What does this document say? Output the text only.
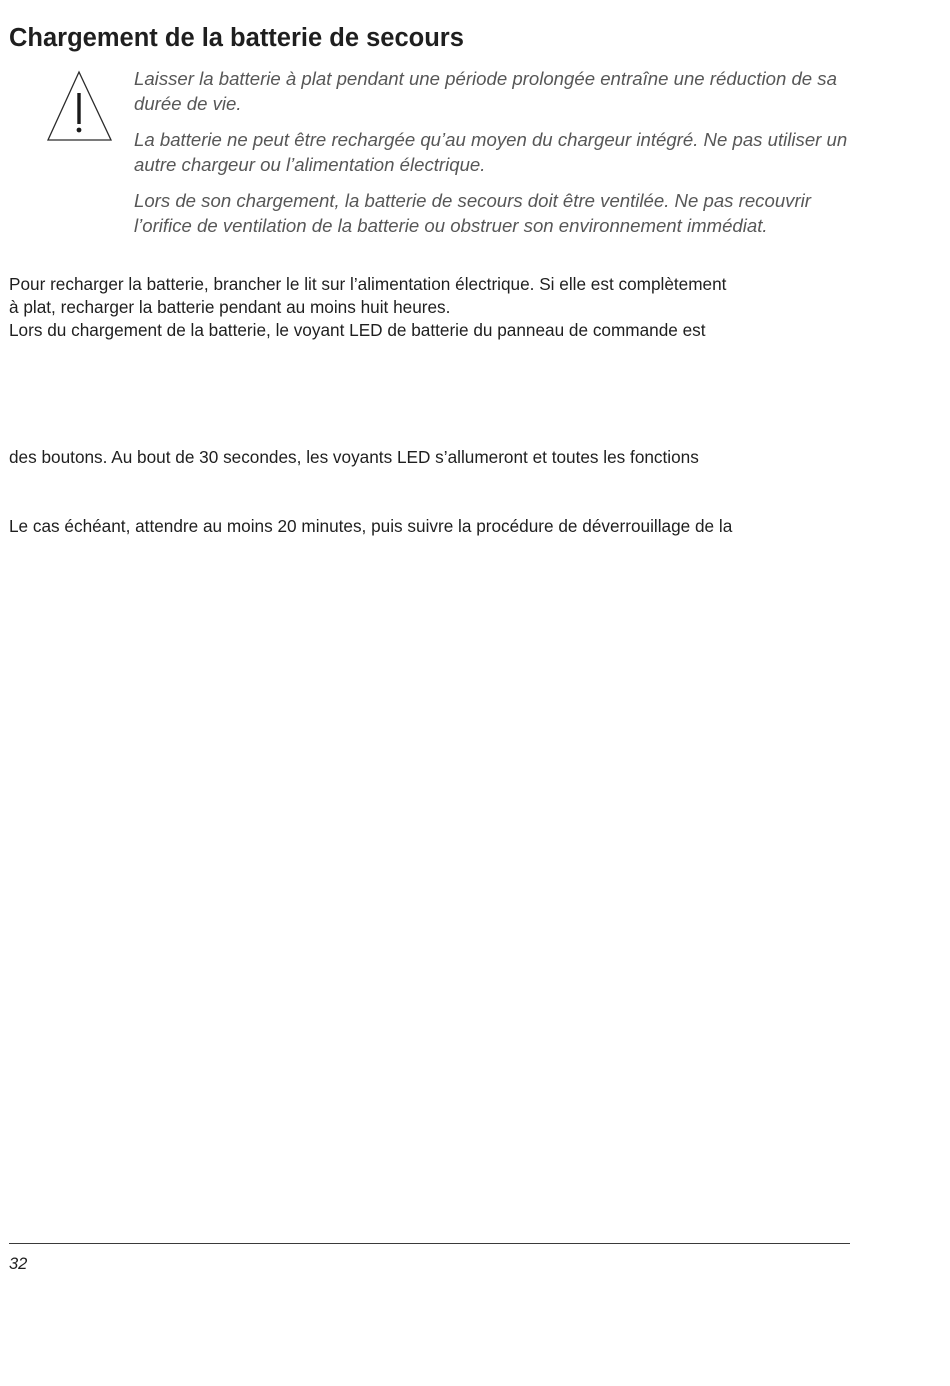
Chargement de la batterie de secours

Laisser la batterie à plat pendant une période prolongée entraîne une réduction de sa durée de vie.

La batterie ne peut être rechargée qu’au moyen du chargeur intégré. Ne pas utiliser un autre chargeur ou l’alimentation électrique.

Lors de son chargement, la batterie de secours doit être ventilée. Ne pas recouvrir l’orifice de ventilation de la batterie ou obstruer son environnement immédiat.

Pour recharger la batterie, brancher le lit sur l’alimentation électrique. Si elle est complètement

à plat, recharger la batterie pendant au moins huit heures.

Lors du chargement de la batterie, le voyant LED de batterie du panneau de commande est

des boutons. Au bout de 30 secondes, les voyants LED s’allumeront et toutes les fonctions

Le cas échéant, attendre au moins 20 minutes, puis suivre la procédure de déverrouillage de la

32
